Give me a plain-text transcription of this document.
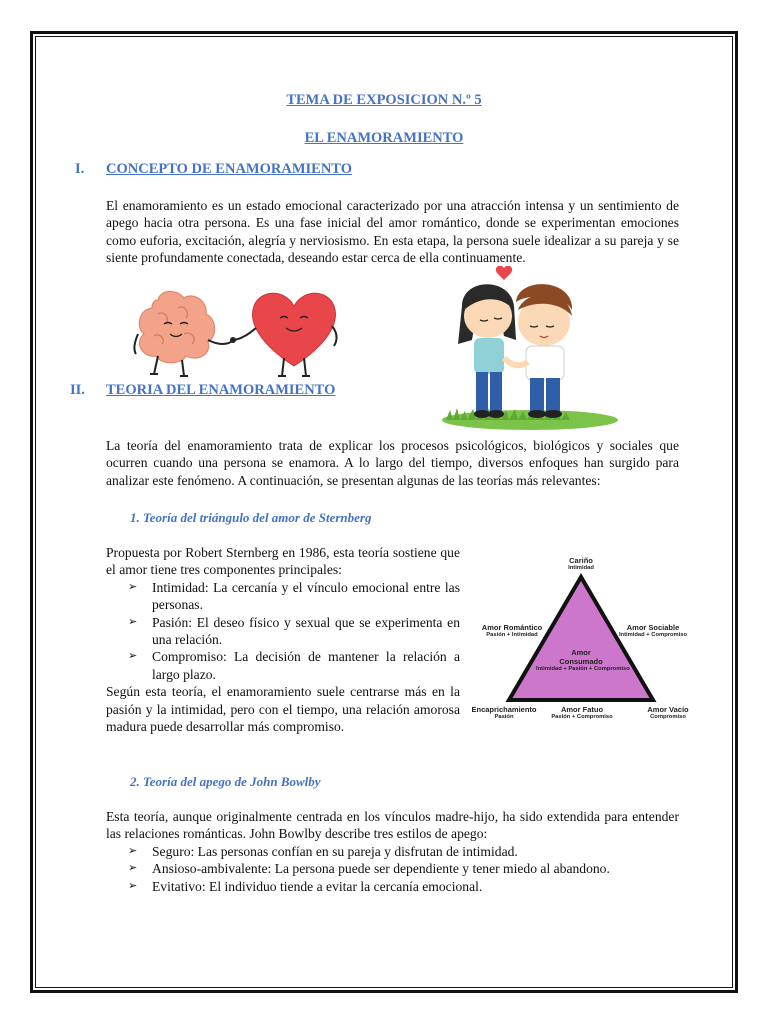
TEMA DE EXPOSICION N.º 5
EL ENAMORAMIENTO
I. CONCEPTO DE ENAMORAMIENTO
El enamoramiento es un estado emocional caracterizado por una atracción intensa y un sentimiento de apego hacia otra persona. Es una fase inicial del amor romántico, donde se experimentan emociones como euforia, excitación, alegría y nerviosismo. En esta etapa, la persona suele idealizar a su pareja y se siente profundamente conectada, deseando estar cerca de ella continuamente.
II. TEORIA DEL ENAMORAMIENTO
La teoría del enamoramiento trata de explicar los procesos psicológicos, biológicos y sociales que ocurren cuando una persona se enamora. A lo largo del tiempo, diversos enfoques han surgido para analizar este fenómeno. A continuación, se presentan algunas de las teorías más relevantes:
1. Teoría del triángulo del amor de Sternberg
Propuesta por Robert Sternberg en 1986, esta teoría sostiene que el amor tiene tres componentes principales:
➢ Intimidad: La cercanía y el vínculo emocional entre las personas.
➢ Pasión: El deseo físico y sexual que se experimenta en una relación.
➢ Compromiso: La decisión de mantener la relación a largo plazo.
Según esta teoría, el enamoramiento suele centrarse más en la pasión y la intimidad, pero con el tiempo, una relación amorosa madura puede desarrollar más compromiso.
Cariño
Intimidad
Amor Romántico
Pasión + Intimidad
Amor Sociable
Intimidad + Compromiso
Amor
Consumado
Intimidad + Pasión + Compromiso
Encaprichamiento
Pasión
Amor Fatuo
Pasión + Compromiso
Amor Vacío
Compromiso
2. Teoría del apego de John Bowlby
Esta teoría, aunque originalmente centrada en los vínculos madre-hijo, ha sido extendida para entender las relaciones románticas. John Bowlby describe tres estilos de apego:
➢ Seguro: Las personas confían en su pareja y disfrutan de intimidad.
➢ Ansioso-ambivalente: La persona puede ser dependiente y tener miedo al abandono.
➢ Evitativo: El individuo tiende a evitar la cercanía emocional.
